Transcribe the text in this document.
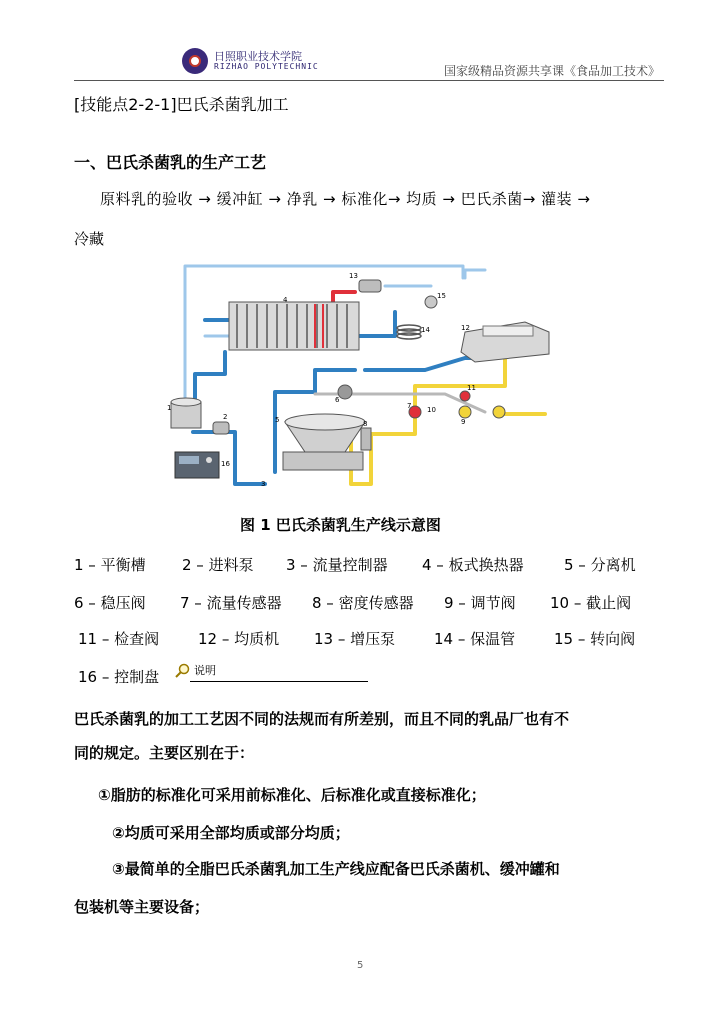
日照职业技术学院
RIZHAO POLYTECHNIC	国家级精品资源共享课《食品加工技术》
[技能点2-2-1]巴氏杀菌乳加工
一、巴氏杀菌乳的生产工艺
原料乳的验收 → 缓冲缸 → 净乳 → 标准化→ 均质 → 巴氏杀菌→ 灌装 →
冷藏
1
2
3
4
5
6
7
8	9
10
11
12
13
14
15
16
图 1 巴氏杀菌乳生产线示意图
1 – 平衡槽 2 – 进料泵 3 – 流量控制器 4 – 板式换热器	5 – 分离机
6 – 稳压阀 7 – 流量传感器 8 – 密度传感器 9 – 调节阀 10 – 截止阀
11 – 检查阀	12 – 均质机 13 – 增压泵	14 – 保温管	15 – 转向阀
16 – 控制盘	说明
巴氏杀菌乳的加工工艺因不同的法规而有所差别，而且不同的乳品厂也有不
同的规定。主要区别在于：
①脂肪的标准化可采用前标准化、后标准化或直接标准化；
②均质可采用全部均质或部分均质；
③最简单的全脂巴氏杀菌乳加工生产线应配备巴氏杀菌机、缓冲罐和
包装机等主要设备；
5
